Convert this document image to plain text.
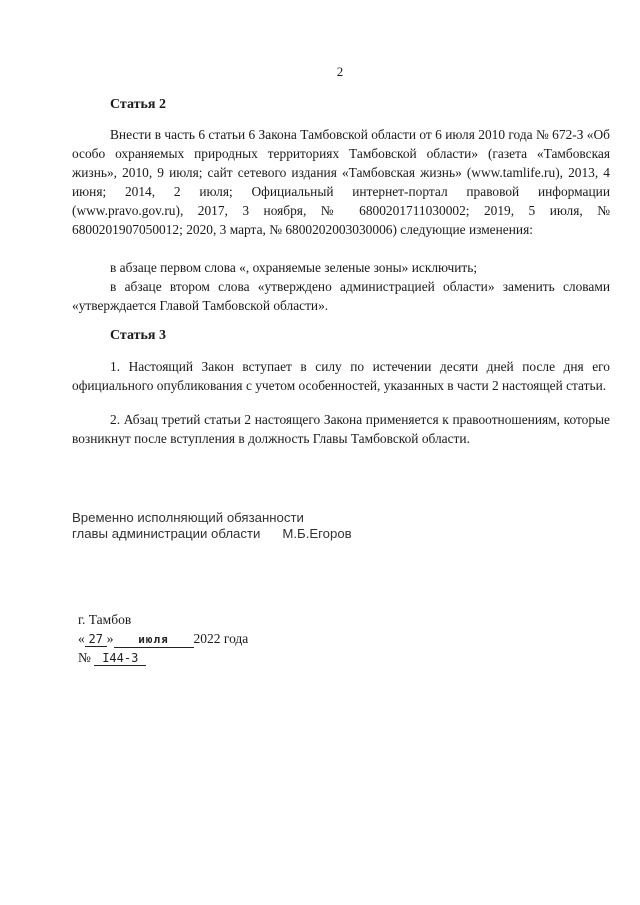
2
Статья 2

Внести в часть 6 статьи 6 Закона Тамбовской области от 6 июля 2010 года № 672-З «Об особо охраняемых природных территориях Тамбовской области» (газета «Тамбовская жизнь», 2010, 9 июля; сайт сетевого издания «Тамбовская жизнь» (www.tamlife.ru), 2013, 4 июня; 2014, 2 июля; Официальный интернет-портал правовой информации (www.pravo.gov.ru), 2017, 3 ноября, № 6800201711030002; 2019, 5 июля, № 6800201907050012; 2020, 3 марта, № 6800202003030006) следующие изменения:

в абзаце первом слова «, охраняемые зеленые зоны» исключить;

в абзаце втором слова «утверждено администрацией области» заменить словами «утверждается Главой Тамбовской области».

Статья 3

1. Настоящий Закон вступает в силу по истечении десяти дней после дня его официального опубликования с учетом особенностей, указанных в части 2 настоящей статьи.

2. Абзац третий статьи 2 настоящего Закона применяется к правоотношениям, которые возникнут после вступления в должность Главы Тамбовской области.

Временно исполняющий обязанности
главы администрации области М.Б.Егоров
г. Тамбов
« 27 » июля 2022 года
№ I44-З
